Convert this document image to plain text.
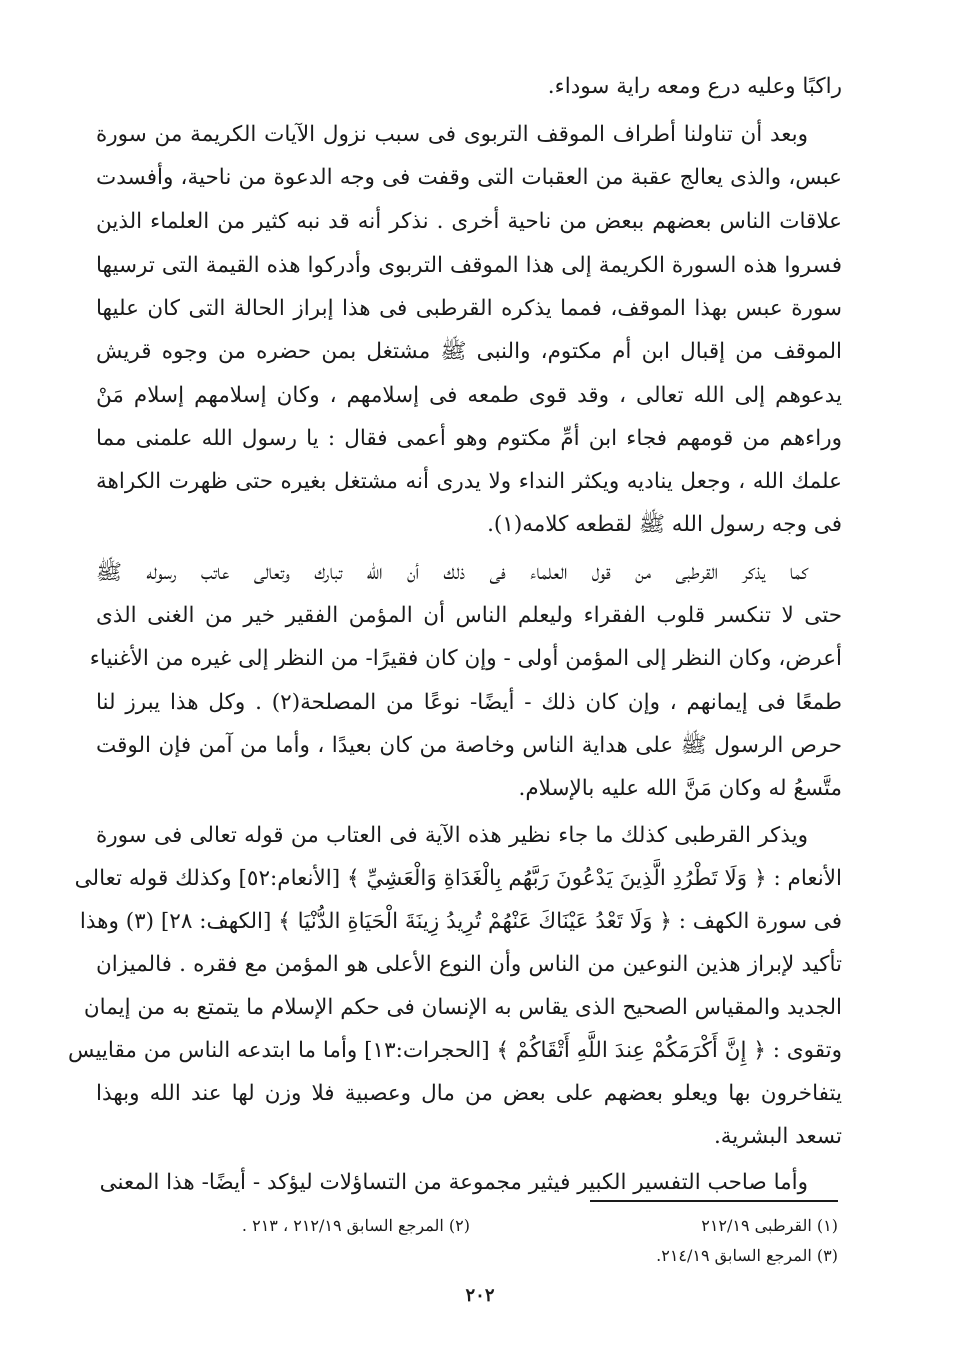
راكبًا وعليه درع ومعه راية سوداء.
وبعد أن تناولنا أطراف الموقف التربوى فى سبب نزول الآيات الكريمة من سورة
عبس، والذى يعالج عقبة من العقبات التى وقفت فى وجه الدعوة من ناحية، وأفسدت
علاقات الناس بعضهم ببعض من ناحية أخرى . نذكر أنه قد نبه كثير من العلماء الذين
فسروا هذه السورة الكريمة إلى هذا الموقف التربوى وأدركوا هذه القيمة التى ترسيها
سورة عبس بهذا الموقف، فمما يذكره القرطبى فى هذا إبراز الحالة التى كان عليها
الموقف من إقبال ابن أم مكتوم، والنبى ﷺ مشتغل بمن حضره من وجوه قريش
يدعوهم إلى الله تعالى ، وقد قوى طمعه فى إسلامهم ، وكان إسلامهم إسلام مَنْ
وراءهم من قومهم فجاء ابن أمِّ مكتوم وهو أعمى فقال : يا رسول الله علمنى مما
علمك الله ، وجعل يناديه ويكثر النداء ولا يدرى أنه مشتغل بغيره حتى ظهرت الكراهة
فى وجه رسول الله ﷺ لقطعه كلامه(١).
كما يذكر القرطبى من قول العلماء فى ذلك أن الله تبارك وتعالى عاتب رسوله ﷺ
حتى لا تنكسر قلوب الفقراء وليعلم الناس أن المؤمن الفقير خير من الغنى الذى
أعرض، وكان النظر إلى المؤمن أولى - وإن كان فقيرًا- من النظر إلى غيره من الأغنياء
طمعًا فى إيمانهم ، وإن كان ذلك - أيضًا- نوعًا من المصلحة(٢) . وكل هذا يبرز لنا
حرص الرسول ﷺ على هداية الناس وخاصة من كان بعيدًا ، وأما من آمن فإن الوقت
متَّسعُ له وكان مَنَّ الله عليه بالإسلام.
ويذكر القرطبى كذلك ما جاء نظير هذه الآية فى العتاب من قوله تعالى فى سورة
الأنعام : ﴿ وَلَا تَطْرُدِ الَّذِينَ يَدْعُونَ رَبَّهُم بِالْغَدَاةِ وَالْعَشِيِّ ﴾ [الأنعام:٥٢] وكذلك قوله تعالى
فى سورة الكهف : ﴿ وَلَا تَعْدُ عَيْنَاكَ عَنْهُمْ تُرِيدُ زِينَةَ الْحَيَاةِ الدُّنْيَا ﴾ [الكهف: ٢٨] (٣) وهذا
تأكيد لإبراز هذين النوعين من الناس وأن النوع الأعلى هو المؤمن مع فقره . فالميزان
الجديد والمقياس الصحيح الذى يقاس به الإنسان فى حكم الإسلام ما يتمتع به من إيمان
وتقوى : ﴿ إِنَّ أَكْرَمَكُمْ عِندَ اللَّهِ أَتْقَاكُمْ ﴾ [الحجرات:١٣] وأما ما ابتدعه الناس من مقاييس
يتفاخرون بها ويعلو بعضهم على بعض من مال وعصبية فلا وزن لها عند الله وبهذا
تسعد البشرية.
وأما صاحب التفسير الكبير فيثير مجموعة من التساؤلات ليؤكد - أيضًا- هذا المعنى
(١) القرطبى ٢١٢/١٩
(٢) المرجع السابق ٢١٢/١٩ ، ٢١٣ .
(٣) المرجع السابق ٢١٤/١٩.
٢٠٢
